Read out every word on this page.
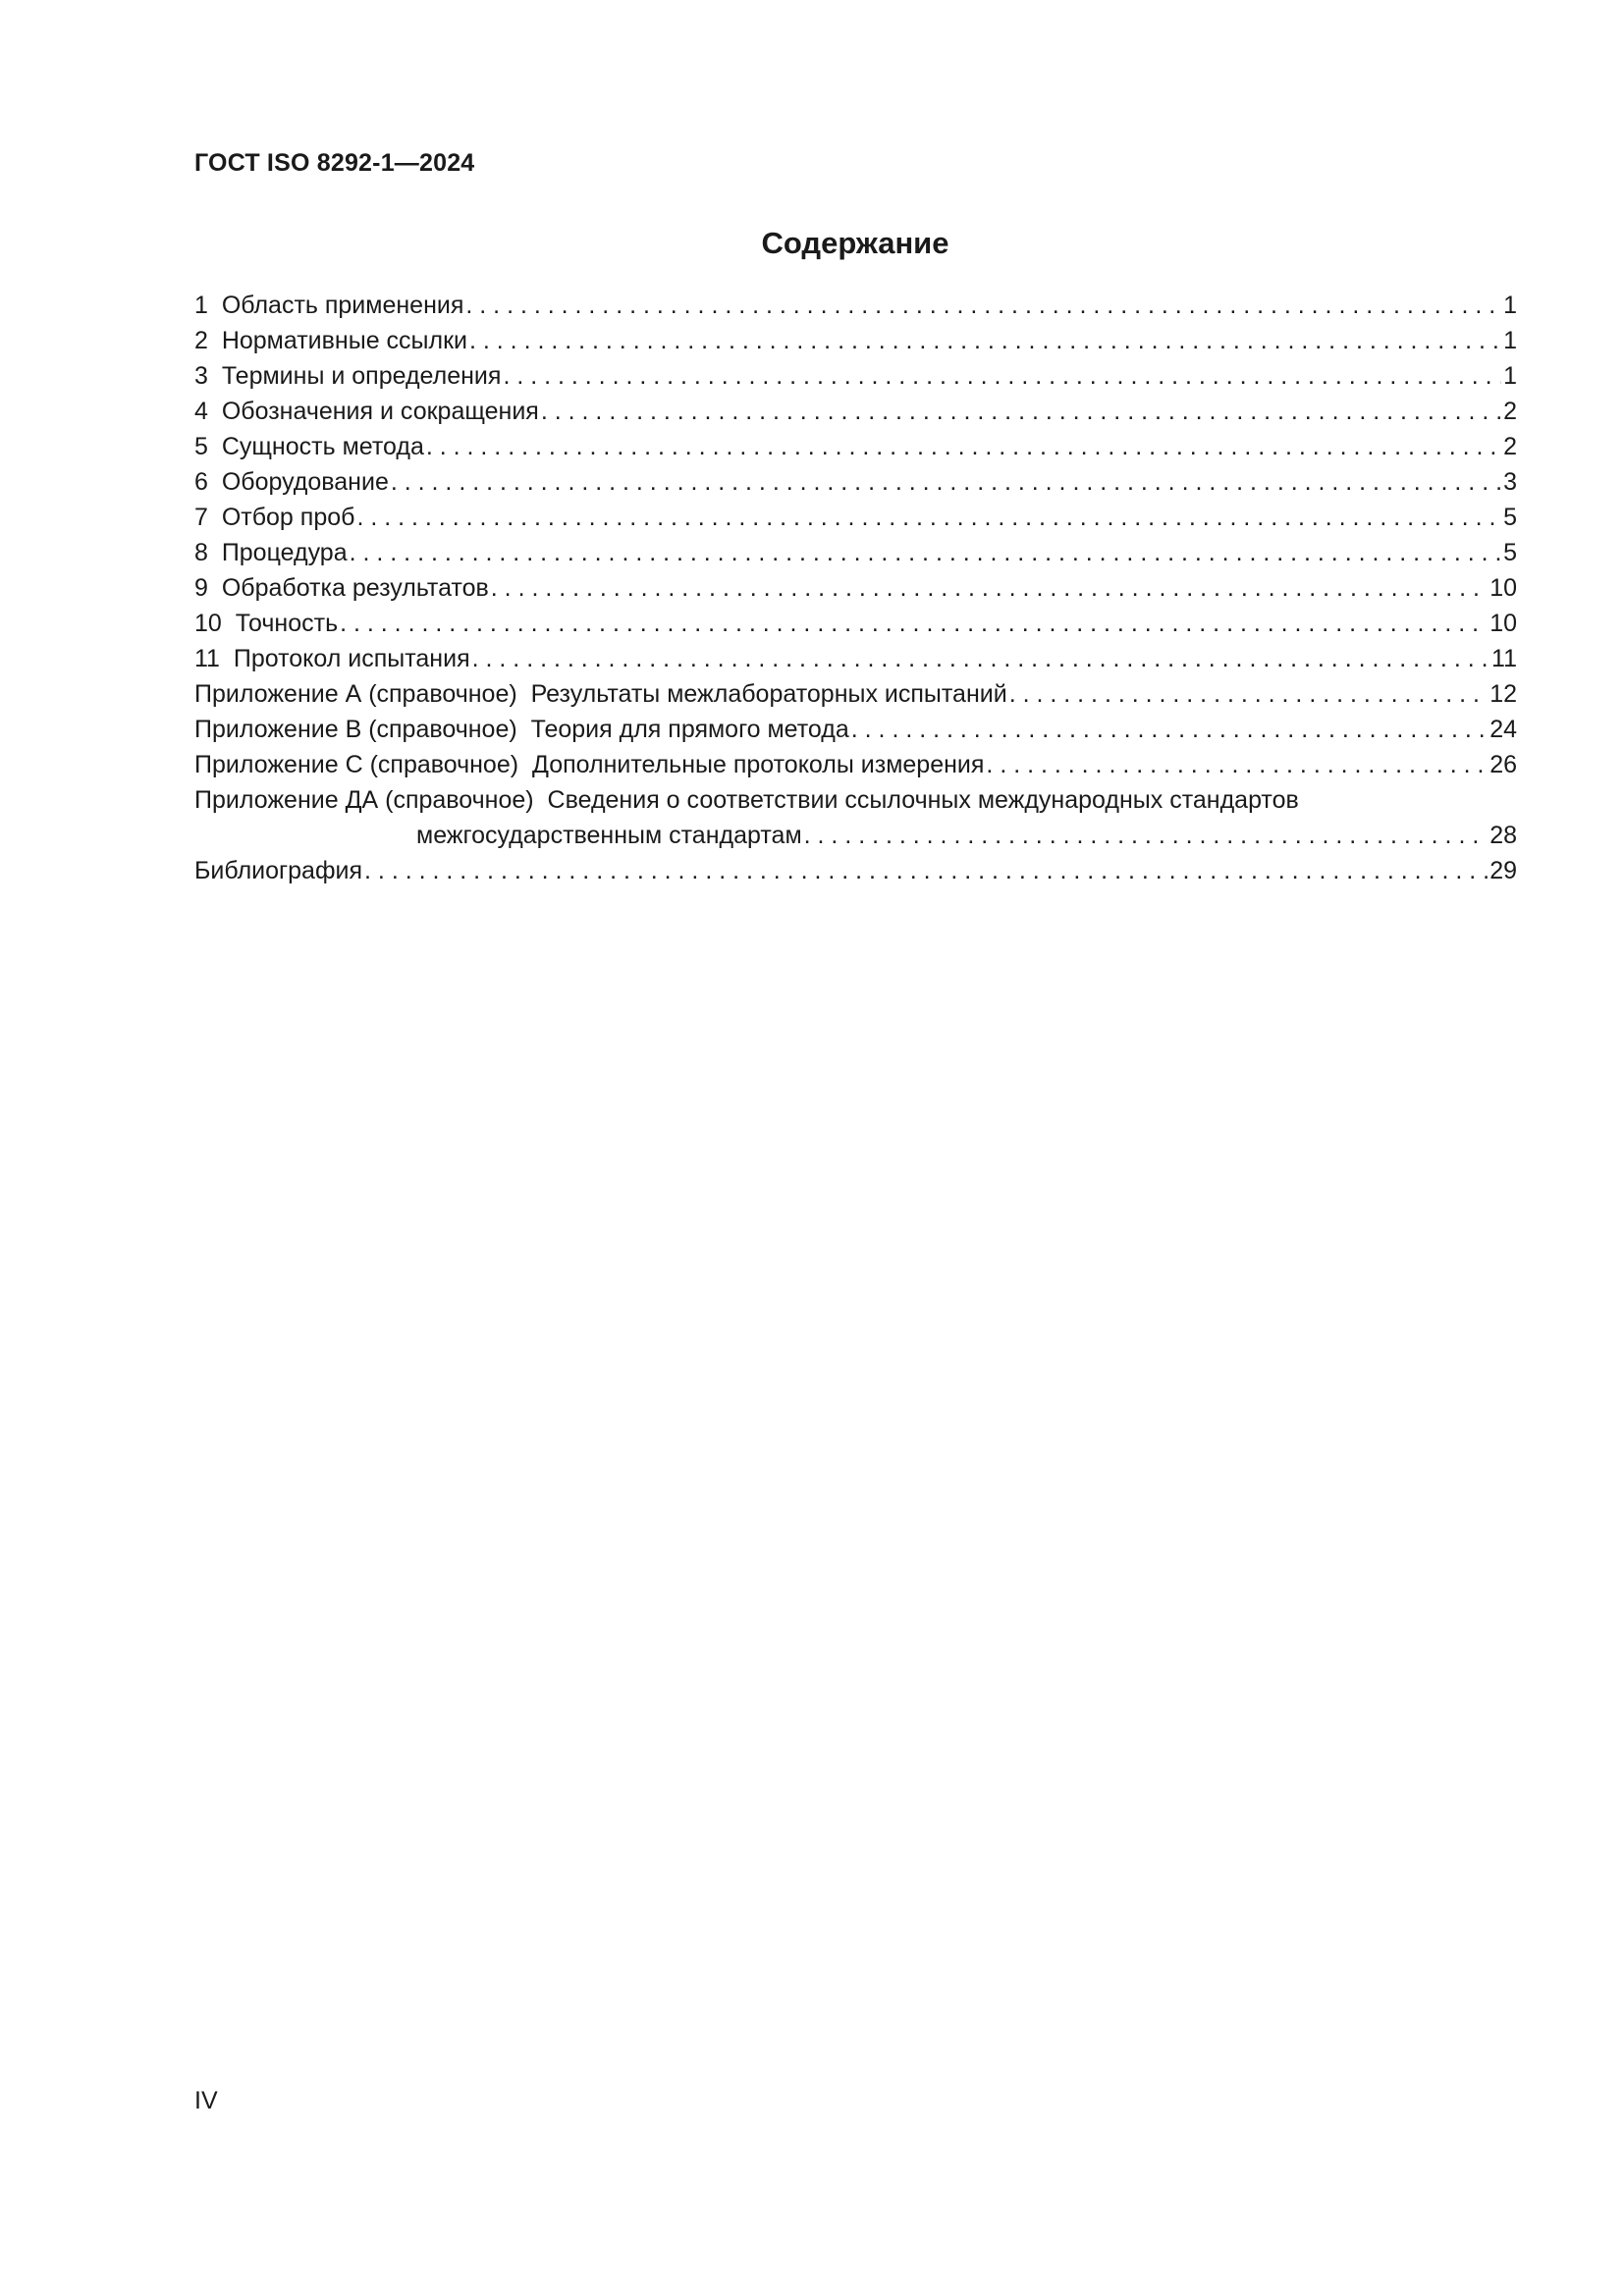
ГОСТ ISO 8292-1—2024
Содержание
1 Область применения . . .	1
2 Нормативные ссылки . . .	1
3 Термины и определения . . .	1
4 Обозначения и сокращения . . .	2
5 Сущность метода . . .	2
6 Оборудование . . .	3
7 Отбор проб . . .	5
8 Процедура . . .	5
9 Обработка результатов . . .	10
10 Точность . . .	10
11 Протокол испытания . . .	11
Приложение А (справочное) Результаты межлабораторных испытаний . . .	12
Приложение В (справочное) Теория для прямого метода . . .	24
Приложение С (справочное) Дополнительные протоколы измерения . . .	26
Приложение ДА (справочное) Сведения о соответствии ссылочных международных стандартов
межгосударственным стандартам . . .	28
Библиография . . .	29
IV
